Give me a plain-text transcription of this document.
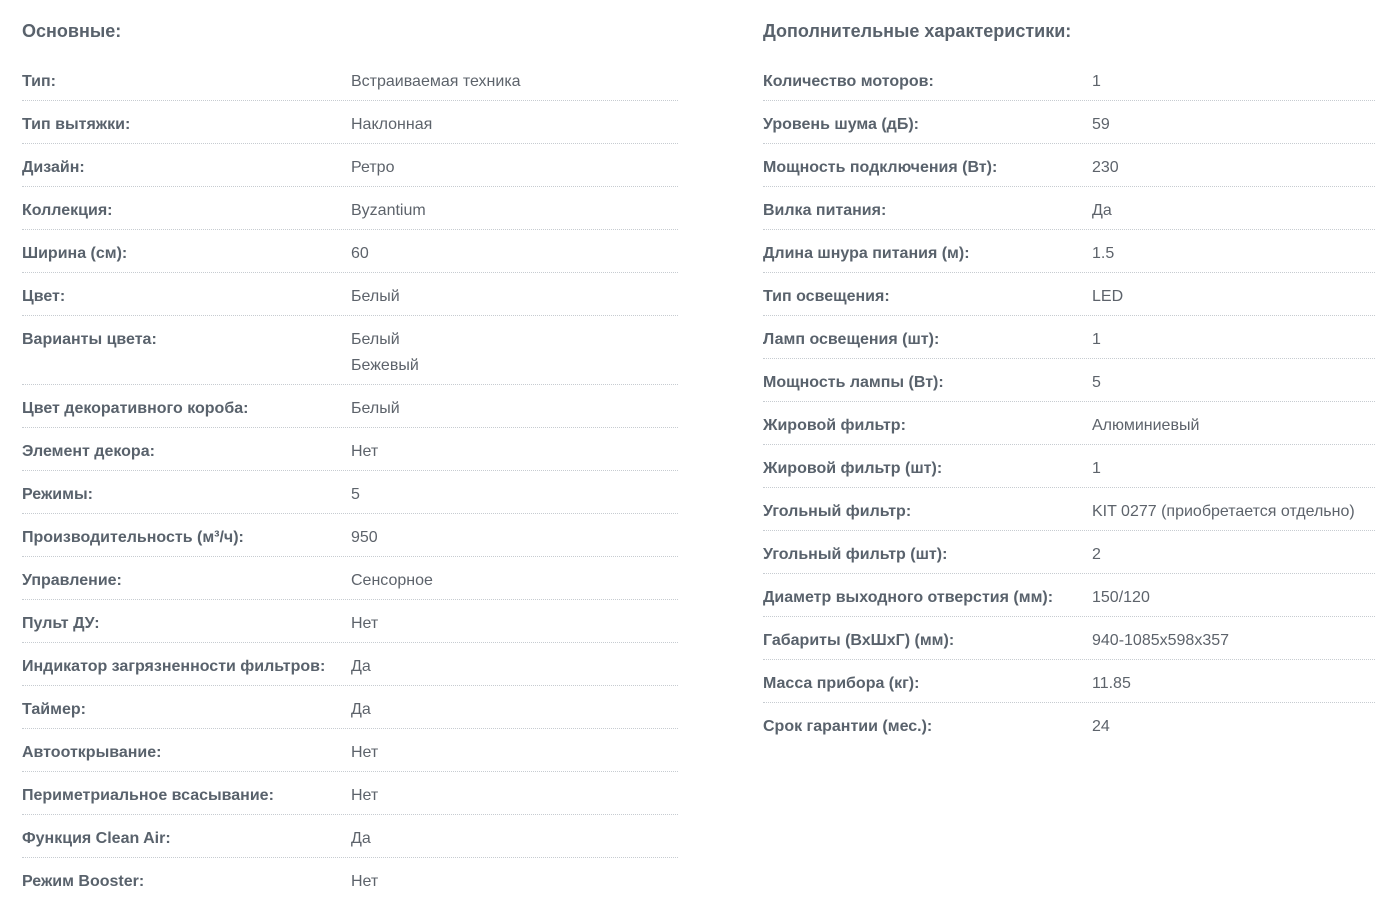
Основные:
Тип:	Встраиваемая техника
Тип вытяжки:	Наклонная
Дизайн:	Ретро
Коллекция:	Byzantium
Ширина (см):	60
Цвет:	Белый
Варианты цвета:	Белый
Бежевый
Цвет декоративного короба:	Белый
Элемент декора:	Нет
Режимы:	5
Производительность (м³/ч):	950
Управление:	Сенсорное
Пульт ДУ:	Нет
Индикатор загрязненности фильтров:	Да
Таймер:	Да
Автооткрывание:	Нет
Периметриальное всасывание:	Нет
Функция Clean Air:	Да
Режим Booster:	Нет
Дополнительные характеристики:
Количество моторов:	1
Уровень шума (дБ):	59
Мощность подключения (Вт):	230
Вилка питания:	Да
Длина шнура питания (м):	1.5
Тип освещения:	LED
Ламп освещения (шт):	1
Мощность лампы (Вт):	5
Жировой фильтр:	Алюминиевый
Жировой фильтр (шт):	1
Угольный фильтр:	KIT 0277 (приобретается отдельно)
Угольный фильтр (шт):	2
Диаметр выходного отверстия (мм):	150/120
Габариты (ВхШхГ) (мм):	940-1085x598x357
Масса прибора (кг):	11.85
Срок гарантии (мес.):	24
